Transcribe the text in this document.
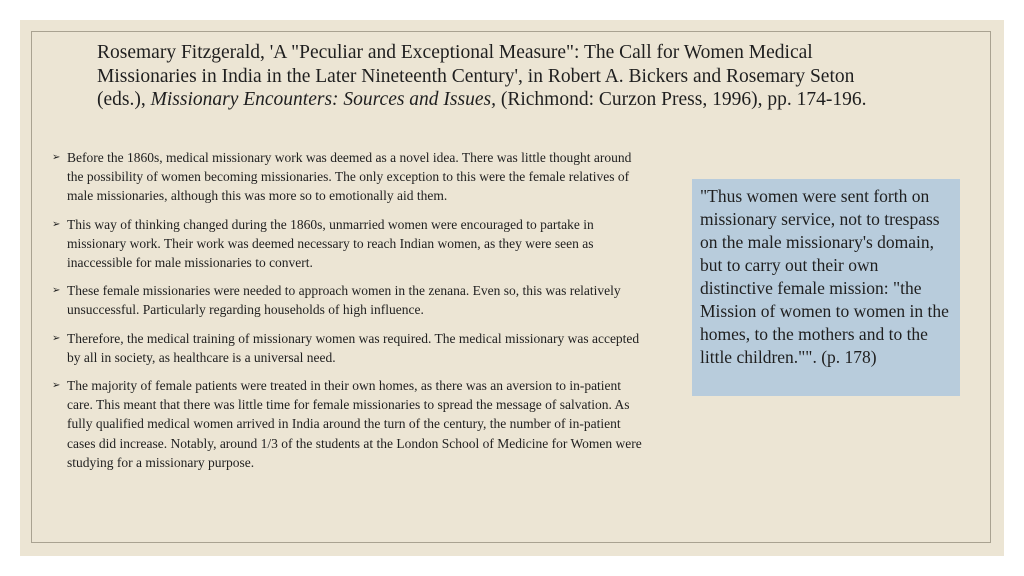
Rosemary Fitzgerald, 'A "Peculiar and Exceptional Measure": The Call for Women Medical Missionaries in India in the Later Nineteenth Century', in Robert A. Bickers and Rosemary Seton (eds.), Missionary Encounters: Sources and Issues, (Richmond: Curzon Press, 1996), pp. 174-196.

➢ Before the 1860s, medical missionary work was deemed as a novel idea. There was little thought around the possibility of women becoming missionaries. The only exception to this were the female relatives of male missionaries, although this was more so to emotionally aid them.
➢ This way of thinking changed during the 1860s, unmarried women were encouraged to partake in missionary work. Their work was deemed necessary to reach Indian women, as they were seen as inaccessible for male missionaries to convert.
➢ These female missionaries were needed to approach women in the zenana. Even so, this was relatively unsuccessful. Particularly regarding households of high influence.
➢ Therefore, the medical training of missionary women was required. The medical missionary was accepted by all in society, as healthcare is a universal need.
➢ The majority of female patients were treated in their own homes, as there was an aversion to in-patient care. This meant that there was little time for female missionaries to spread the message of salvation. As fully qualified medical women arrived in India around the turn of the century, the number of in-patient cases did increase. Notably, around 1/3 of the students at the London School of Medicine for Women were studying for a missionary purpose.
"Thus women were sent forth on missionary service, not to trespass on the male missionary's domain, but to carry out their own distinctive female mission: "the Mission of women to women in the homes, to the mothers and to the little children."". (p. 178)
